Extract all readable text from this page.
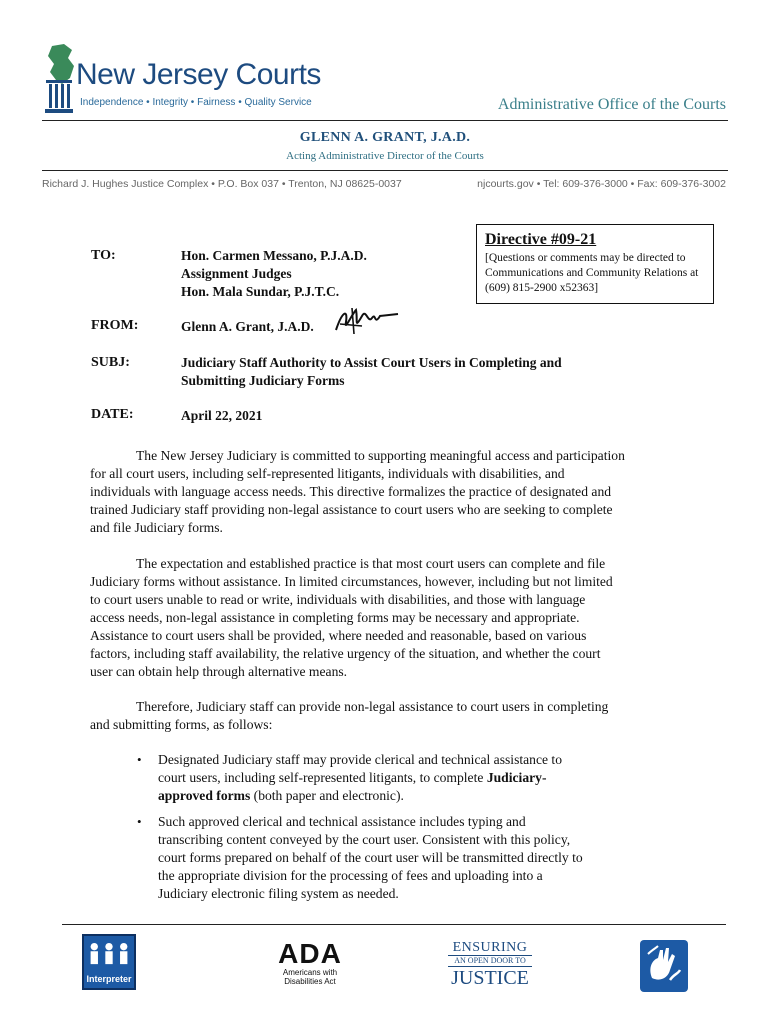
New Jersey Courts
Independence • Integrity • Fairness • Quality Service	Administrative Office of the Courts
GLENN A. GRANT, J.A.D.
Acting Administrative Director of the Courts
Richard J. Hughes Justice Complex • P.O. Box 037 • Trenton, NJ 08625-0037	njcourts.gov • Tel: 609-376-3000 • Fax: 609-376-3002
Directive #09-21
[Questions or comments may be directed to Communications and Community Relations at (609) 815-2900 x52363]
TO:	Hon. Carmen Messano, P.J.A.D.
Assignment Judges
Hon. Mala Sundar, P.J.T.C.
FROM:	Glenn A. Grant, J.A.D.
SUBJ:	Judiciary Staff Authority to Assist Court Users in Completing and
Submitting Judiciary Forms
DATE:	April 22, 2021
The New Jersey Judiciary is committed to supporting meaningful access and participation
for all court users, including self-represented litigants, individuals with disabilities, and
individuals with language access needs. This directive formalizes the practice of designated and
trained Judiciary staff providing non-legal assistance to court users who are seeking to complete
and file Judiciary forms.
The expectation and established practice is that most court users can complete and file
Judiciary forms without assistance. In limited circumstances, however, including but not limited
to court users unable to read or write, individuals with disabilities, and those with language
access needs, non-legal assistance in completing forms may be necessary and appropriate.
Assistance to court users shall be provided, where needed and reasonable, based on various
factors, including staff availability, the relative urgency of the situation, and whether the court
user can obtain help through alternative means.
Therefore, Judiciary staff can provide non-legal assistance to court users in completing
and submitting forms, as follows:
• Designated Judiciary staff may provide clerical and technical assistance to
court users, including self-represented litigants, to complete Judiciary-
approved forms (both paper and electronic).
• Such approved clerical and technical assistance includes typing and
transcribing content conveyed by the court user. Consistent with this policy,
court forms prepared on behalf of the court user will be transmitted directly to
the appropriate division for the processing of fees and uploading into a
Judiciary electronic filing system as needed.
Interpreter
ADA
Americans with
Disabilities Act
ENSURING
AN OPEN DOOR TO
JUSTICE
